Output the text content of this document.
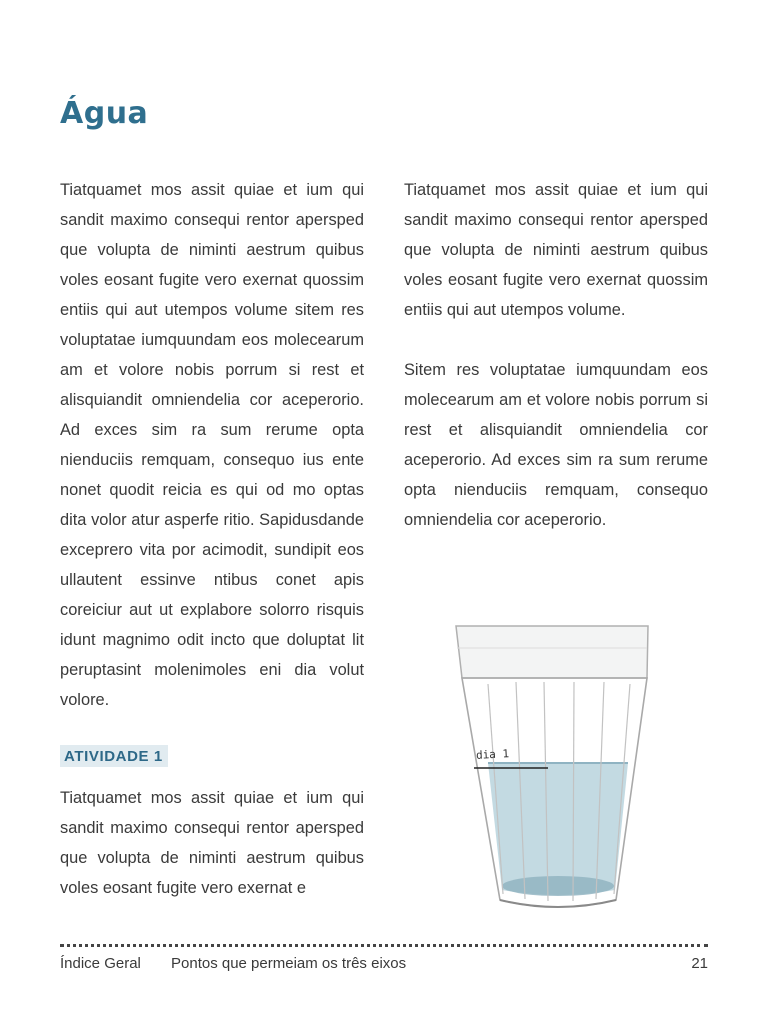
Água

Tiatquamet mos assit quiae et ium qui sandit maximo consequi rentor apersped que volupta de niminti aestrum quibus voles eosant fugite vero exernat quossim entiis qui aut utempos volume sitem res voluptatae iumquundam eos molecearum am et volore nobis porrum si rest et alisquiandit omniendelia cor aceperorio. Ad exces sim ra sum rerume opta nienduciis remquam, consequo ius ente nonet quodit reicia es qui od mo optas dita volor atur asperfe ritio. Sapidusdande exceprero vita por acimodit, sundipit eos ullautent essinve ntibus conet apis coreiciur aut ut explabore solorro risquis idunt magnimo odit incto que doluptat lit peruptasint molenimoles eni dia volut volore.

ATIVIDADE 1

Tiatquamet mos assit quiae et ium qui sandit maximo consequi rentor apersped que volupta de niminti aestrum quibus voles eosant fugite vero exernat e

Tiatquamet mos assit quiae et ium qui sandit maximo consequi rentor apersped que volupta de niminti aestrum quibus voles eosant fugite vero exernat quossim entiis qui aut utempos volume.

Sitem res voluptatae iumquundam eos molecearum am et volore nobis porrum si rest et alisquiandit omniendelia cor aceperorio. Ad exces sim ra sum rerume opta nienduciis remquam, consequo omniendelia cor aceperorio.

dia 1
Índice Geral Pontos que permeiam os três eixos	21
